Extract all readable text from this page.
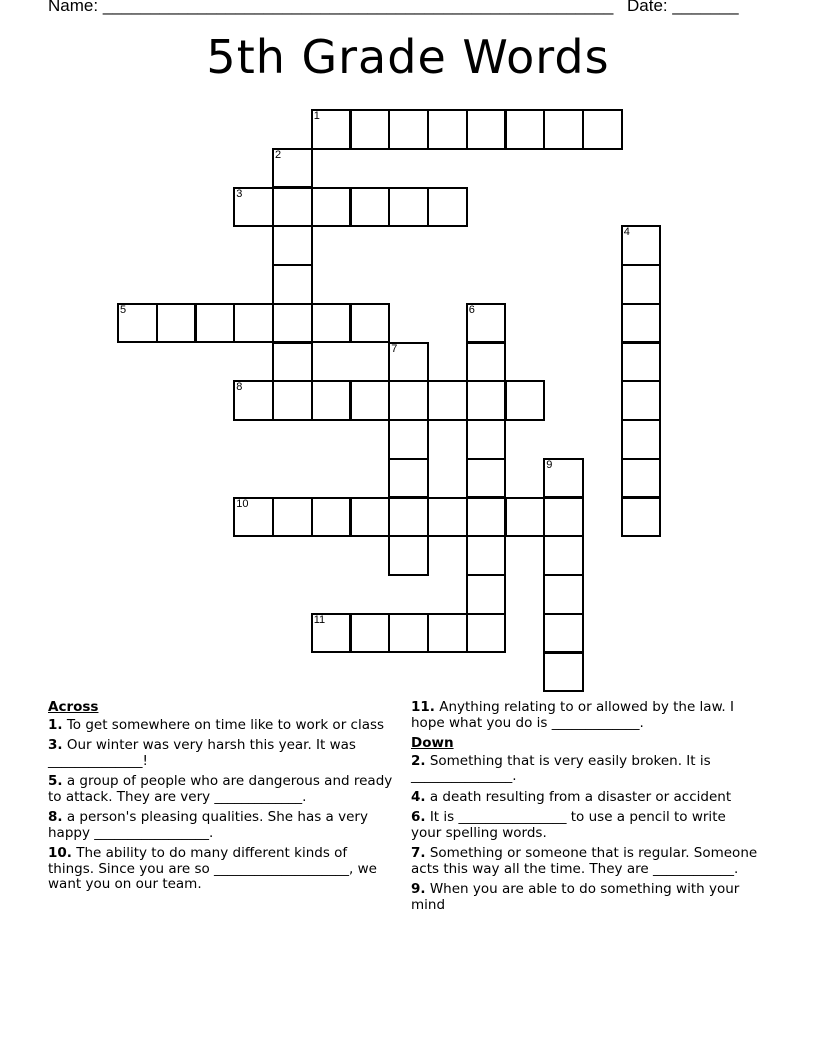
Name: ______________________________________________________ Date: _______
5th Grade Words
1
2
3
4
5	6
7
8
9
10
11
Across
1. To get somewhere on time like to work or class
3. Our winter was very harsh this year. It was ______________!
5. a group of people who are dangerous and ready to attack. They are very _____________.
8. a person's pleasing qualities. She has a very happy _________________.
10. The ability to do many different kinds of things. Since you are so ____________________, we want you on our team.
11. Anything relating to or allowed by the law. I hope what you do is _____________.
Down
2. Something that is very easily broken. It is _______________.
4. a death resulting from a disaster or accident
6. It is ________________ to use a pencil to write your spelling words.
7. Something or someone that is regular. Someone acts this way all the time. They are ____________.
9. When you are able to do something with your mind
